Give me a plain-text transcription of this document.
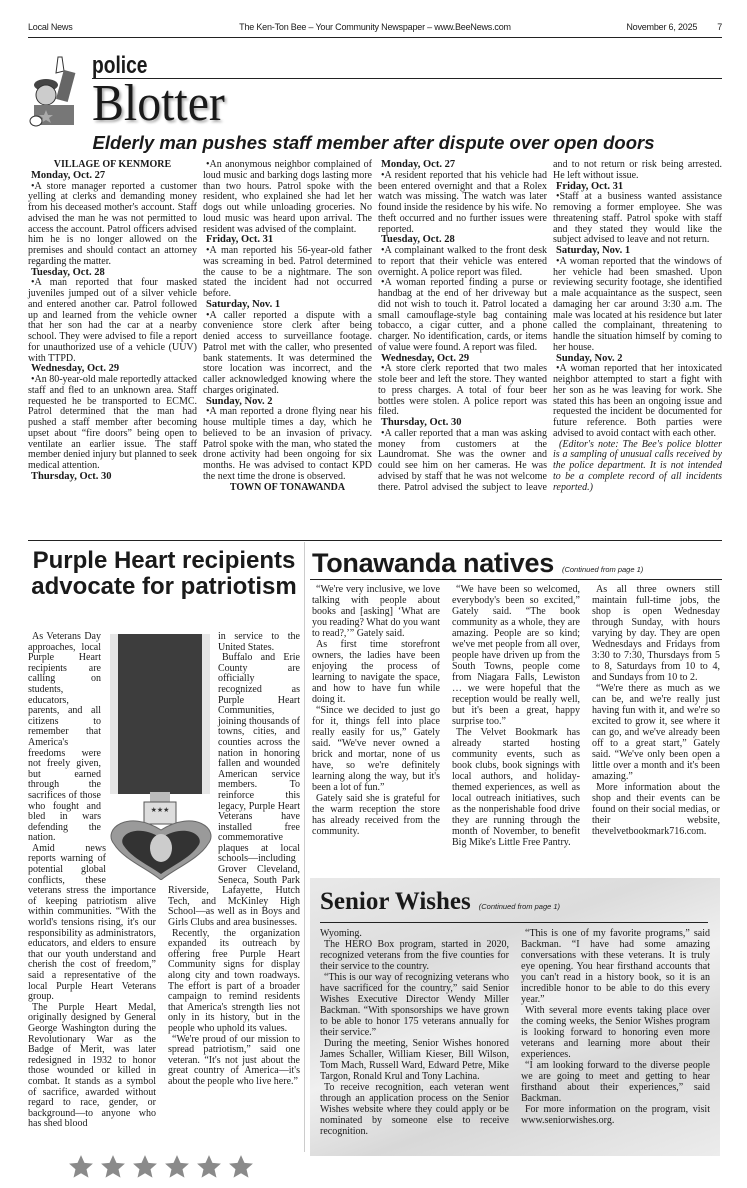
Local News	The Ken-Ton Bee – Your Community Newspaper – www.BeeNews.com	November 6, 2025 7
police
Blotter
Elderly man pushes staff member after dispute over open doors

VILLAGE OF KENMORE

Monday, Oct. 27

•A store manager reported a customer yelling at clerks and demanding money from his deceased mother's account. Staff advised the man he was not permitted to access the account. Patrol officers advised him he is no longer allowed on the premises and should contact an attorney regarding the matter.

Tuesday, Oct. 28

•A man reported that four masked juveniles jumped out of a silver vehicle and entered another car. Patrol followed up and learned from the vehicle owner that her son had the car at a nearby school. They were advised to file a report for unauthorized use of a vehicle (UUV) with TTPD.

Wednesday, Oct. 29

•An 80-year-old male reportedly attacked staff and fled to an unknown area. Staff requested he be transported to ECMC. Patrol determined that the man had pushed a staff member after becoming upset about “fire doors” being open to ventilate an earlier issue. The staff member denied injury but planned to seek medical attention.

Thursday, Oct. 30

•An anonymous neighbor complained of loud music and barking dogs lasting more than two hours. Patrol spoke with the resident, who explained she had let her dogs out while unloading groceries. No loud music was heard upon arrival. The resident was advised of the complaint.

Friday, Oct. 31

•A man reported his 56-year-old father was screaming in bed. Patrol determined the cause to be a nightmare. The son stated the incident had not occurred before.

Saturday, Nov. 1

•A caller reported a dispute with a convenience store clerk after being denied access to surveillance footage. Patrol met with the caller, who presented bank statements. It was determined the store location was incorrect, and the caller acknowledged knowing where the charges originated.

Sunday, Nov. 2

•A man reported a drone flying near his house multiple times a day, which he believed to be an invasion of privacy. Patrol spoke with the man, who stated the drone activity had been ongoing for six months. He was advised to contact KPD the next time the drone is observed.

TOWN OF TONAWANDA

Monday, Oct. 27

•A resident reported that his vehicle had been entered overnight and that a Rolex watch was missing. The watch was later found inside the residence by his wife. No theft occurred and no further issues were reported.

Tuesday, Oct. 28

•A complainant walked to the front desk to report that their vehicle was entered overnight. A police report was filed.

•A woman reported finding a purse or handbag at the end of her driveway but did not wish to touch it. Patrol located a small camouflage-style bag containing tobacco, a cigar cutter, and a phone charger. No identification, cards, or items of value were found. A report was filed.

Wednesday, Oct. 29

•A store clerk reported that two males stole beer and left the store. They wanted to press charges. A total of four beer bottles were stolen. A police report was filed.

Thursday, Oct. 30

•A caller reported that a man was asking money from customers at the Laundromat. She was the owner and could see him on her cameras. He was advised by staff that he was not welcome there. Patrol advised the subject to leave and to not return or risk being arrested. He left without issue.

Friday, Oct. 31

•Staff at a business wanted assistance removing a former employee. She was threatening staff. Patrol spoke with staff and they stated they would like the subject advised to leave and not return.

Saturday, Nov. 1

•A woman reported that the windows of her vehicle had been smashed. Upon reviewing security footage, she identified a male acquaintance as the suspect, seen damaging her car around 3:30 a.m. The male was located at his residence but later called the complainant, threatening to handle the situation himself by coming to her house.

Sunday, Nov. 2

•A woman reported that her intoxicated neighbor attempted to start a fight with her son as he was leaving for work. She stated this has been an ongoing issue and requested the incident be documented for future reference. Both parties were advised to avoid contact with each other.

(Editor's note: The Bee's police blotter is a sampling of unusual calls received by the police department. It is not intended to be a complete record of all incidents reported.)

Purple Heart recipients advocate for patriotism

As Veterans Day approaches, local Purple Heart recipients are calling on students, educators, parents, and all citizens to remember that America's freedoms were not freely given, but earned through the sacrifices of those who fought and bled in wars defending the nation.

Amid news reports warning of potential global conflicts, these veterans stress the importance of keeping patriotism alive within communities. “With the world's tensions rising, it's our responsibility as administrators, educators, and elders to ensure that our youth understand and cherish the cost of freedom,” said a representative of the local Purple Heart Veterans group.

The Purple Heart Medal, originally designed by General George Washington during the Revolutionary War as the Badge of Merit, was later redesigned in 1932 to honor those wounded or killed in combat. It stands as a symbol of sacrifice, awarded without regard to race, gender, or background—to anyone who has shed blood

in service to the United States.

Buffalo and Erie County are officially recognized as Purple Heart Communities, joining thousands of towns, cities, and counties across the nation in honoring fallen and wounded American service members. To reinforce this legacy, Purple Heart Veterans have installed free commemorative plaques at local schools—including Grover Cleveland, Seneca, South Park Riverside, Lafayette, Hutch Tech, and McKinley High School—as well as in Boys and Girls Clubs and area businesses.

Recently, the organization expanded its outreach by offering free Purple Heart Community signs for display along city and town roadways. The effort is part of a broader campaign to remind residents that America's strength lies not only in its history, but in the people who uphold its values.

“We're proud of our mission to spread patriotism,” said one veteran. “It's not just about the great country of America—it's about the people who live here.”

★★★
Tonawanda natives (Continued from page 1)

“We're very inclusive, we love talking with people about books and [asking] ‘What are you reading? What do you want to read?,’” Gately said.

As first time storefront owners, the ladies have been enjoying the process of learning to navigate the space, and how to have fun while doing it.

“Since we decided to just go for it, things fell into place really easily for us,” Gately said. “We've never owned a brick and mortar, none of us have, so we're definitely learning along the way, but it's been a lot of fun.”

Gately said she is grateful for the warm reception the store has already received from the community.

“We have been so welcomed, everybody's been so excited,” Gately said. “The book community as a whole, they are amazing. People are so kind; we've met people from all over, people have driven up from the South Towns, people come from Niagara Falls, Lewiston … we were hopeful that the reception would be really well, but it's been a great, happy surprise too.”

The Velvet Bookmark has already started hosting community events, such as book clubs, book signings with local authors, and holiday-themed experiences, as well as local outreach initiatives, such as the nonperishable food drive they are running through the month of November, to benefit Big Mike's Little Free Pantry.

As all three owners still maintain full-time jobs, the shop is open Wednesday through Sunday, with hours varying by day. They are open Wednesdays and Fridays from 3:30 to 7:30, Thursdays from 5 to 8, Saturdays from 10 to 4, and Sundays from 10 to 2.

“We're there as much as we can be, and we're really just having fun with it, and we're so excited to grow it, see where it can go, and we've already been off to a great start,” Gately said. “We've only been open a little over a month and it's been amazing.”

More information about the shop and their events can be found on their social medias, or their website, thevelvetbookmark716.com.

Senior Wishes (Continued from page 1)

Wyoming.

The HERO Box program, started in 2020, recognized veterans from the five counties for their service to the country.

“This is our way of recognizing veterans who have sacrificed for the country,” said Senior Wishes Executive Director Wendy Miller Backman. “With sponsorships we have grown to be able to honor 175 veterans annually for their service.”

During the meeting, Senior Wishes honored James Schaller, William Kieser, Bill Wilson, Tom Mach, Russell Ward, Edward Petre, Mike Targon, Ronald Krul and Tony Lachina.

To receive recognition, each veteran went through an application process on the Senior Wishes website where they could apply or be nominated by someone else to receive recognition.

“This is one of my favorite programs,” said Backman. “I have had some amazing conversations with these veterans. It is truly eye opening. You hear firsthand accounts that you can't read in a history book, so it is an incredible honor to be able to do this every year.”

With several more events taking place over the coming weeks, the Senior Wishes program is looking forward to honoring even more veterans and learning more about their experiences.

“I am looking forward to the diverse people we are going to meet and getting to hear firsthand about their experiences,” said Backman.

For more information on the program, visit www.seniorwishes.org.
